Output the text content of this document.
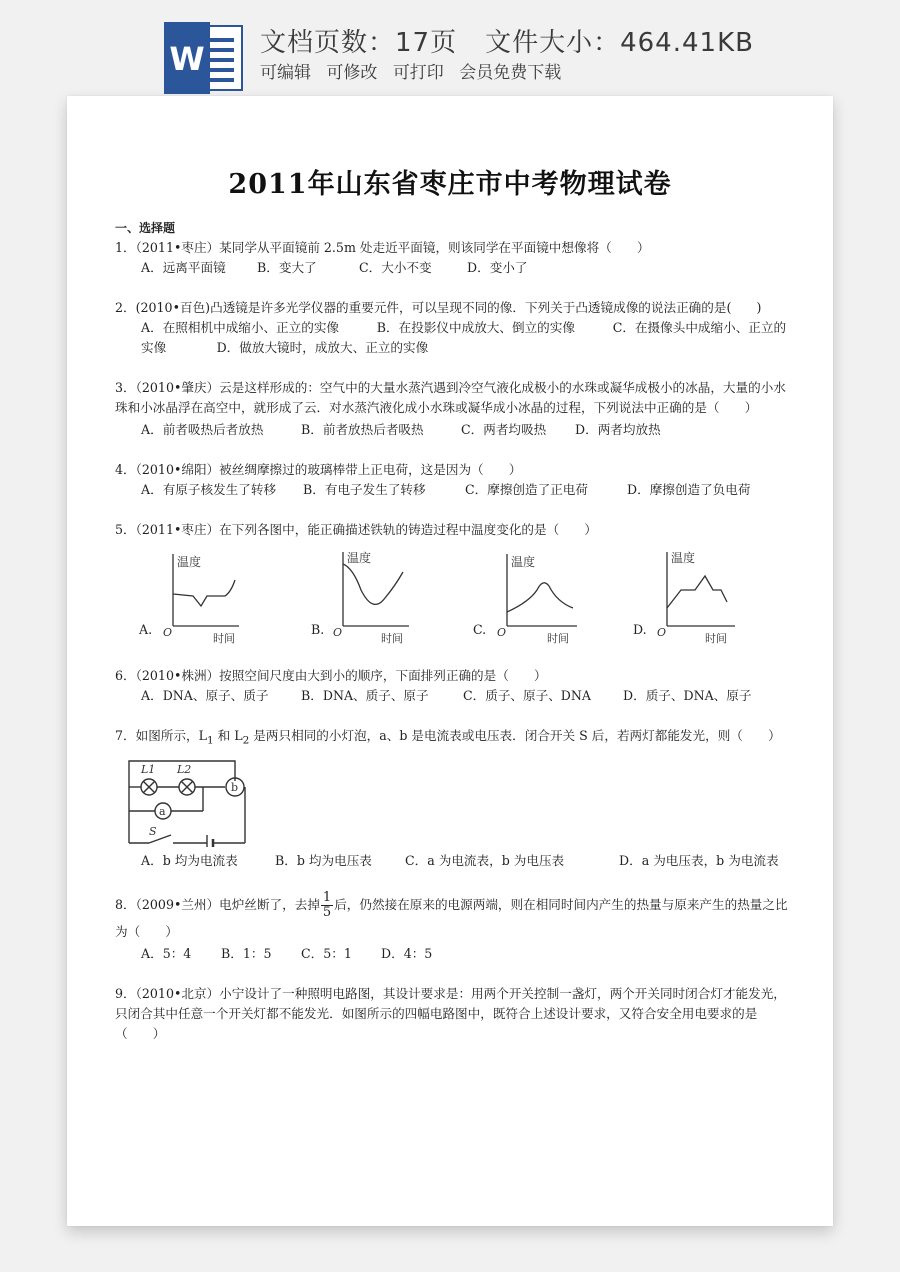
W 文档页数：17页 文件大小：464.41KB
可编辑 可修改 可打印 会员免费下载
2011年山东省枣庄市中考物理试卷
一、选择题
1．（2011•枣庄）某同学从平面镜前 2.5m 处走近平面镜，则该同学在平面镜中想像将（　　）
A．远离平面镜	B．变大了	C．大小不变	D．变小了
2．(2010•百色)凸透镜是许多光学仪器的重要元件，可以呈现不同的像．下列关于凸透镜成像的说法正确的是(　　)
A．在照相机中成缩小、正立的实像　　　B．在投影仪中成放大、倒立的实像　　　C．在摄像头中成缩小、正立的实像　　　　D．做放大镜时，成放大、正立的实像
3．（2010•肇庆）云是这样形成的：空气中的大量水蒸汽遇到冷空气液化成极小的水珠或凝华成极小的冰晶，大量的小水珠和小冰晶浮在高空中，就形成了云．对水蒸汽液化成小水珠或凝华成小冰晶的过程，下列说法中正确的是（　　）
A．前者吸热后者放热	B．前者放热后者吸热	C．两者均吸热	D．两者均放热
4．（2010•绵阳）被丝绸摩擦过的玻璃棒带上正电荷，这是因为（　　）
A．有原子核发生了转移	B．有电子发生了转移	C．摩擦创造了正电荷	D．摩擦创造了负电荷
5．（2011•枣庄）在下列各图中，能正确描述铁轨的铸造过程中温度变化的是（　　）
温度
时间
O
A.
温度
时间
O
B.
温度
时间
O
C.
温度
时间
O
D.
6．（2010•株洲）按照空间尺度由大到小的顺序，下面排列正确的是（　　）
A．DNA、原子、质子	B．DNA、质子、原子	C．质子、原子、DNA	D．质子、DNA、原子
7．如图所示，$L_1$ 和 $L_2$ 是两只相同的小灯泡，a、b 是电流表或电压表．闭合开关 S 后，若两灯都能发光，则（　　）
L1 L2
b
a
S
A．b 均为电流表	B．b 均为电压表	C．a 为电流表，b 为电压表	D．a 为电压表，b 为电流表
8．（2009•兰州）电炉丝断了，去掉 $\frac{1}{5}$ 后，仍然接在原来的电源两端，则在相同时间内产生的热量与原来产生的热量之比为（　　）
A．5：4	B．1：5	C．5：1	D．4：5
9．（2010•北京）小宁设计了一种照明电路图，其设计要求是：用两个开关控制一盏灯，两个开关同时闭合灯才能发光，只闭合其中任意一个开关灯都不能发光．如图所示的四幅电路图中，既符合上述设计要求，又符合安全用电要求的是（　　）
